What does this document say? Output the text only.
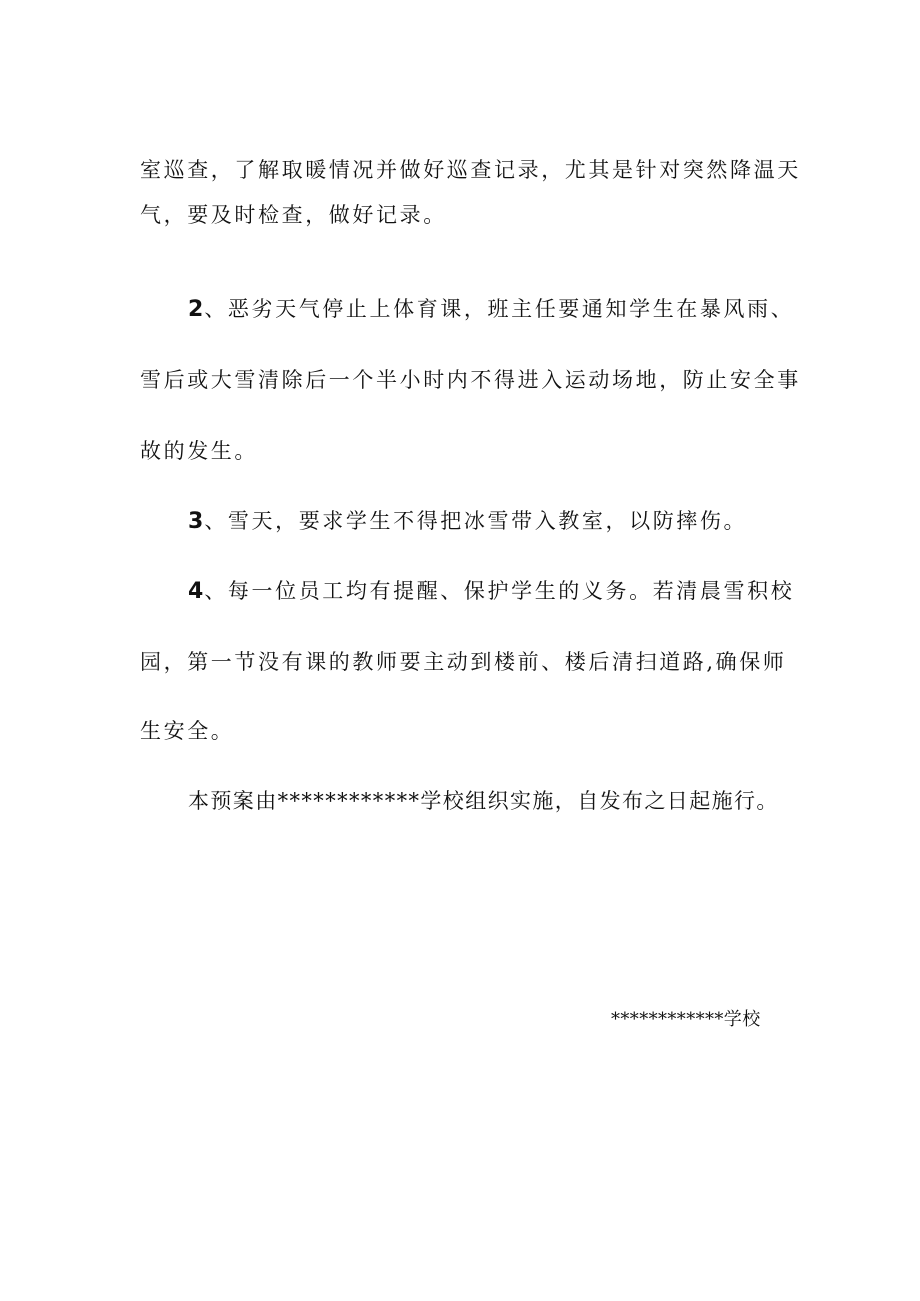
室巡查，了解取暖情况并做好巡查记录，尤其是针对突然降温天

气，要及时检查，做好记录。

2、恶劣天气停止上体育课，班主任要通知学生在暴风雨、

雪后或大雪清除后一个半小时内不得进入运动场地，防止安全事

故的发生。

3、雪天，要求学生不得把冰雪带入教室，以防摔伤。

4、每一位员工均有提醒、保护学生的义务。若清晨雪积校

园，第一节没有课的教师要主动到楼前、楼后清扫道路,确保师

生安全。

本预案由************学校组织实施，自发布之日起施行。

************学校
